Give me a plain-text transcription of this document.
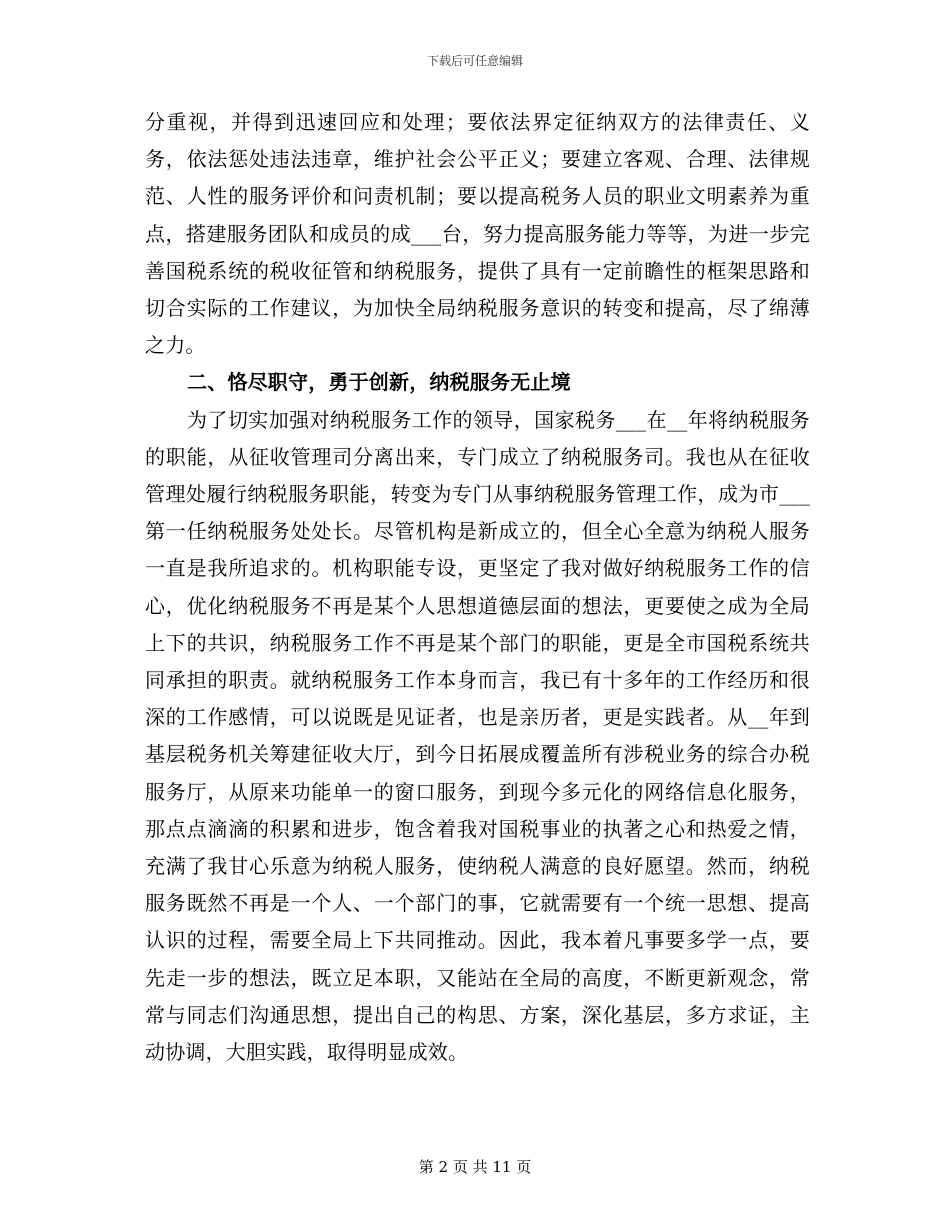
下载后可任意编辑

分重视，并得到迅速回应和处理；要依法界定征纳双方的法律责任、义务，依法惩处违法违章，维护社会公平正义；要建立客观、合理、法律规范、人性的服务评价和问责机制；要以提高税务人员的职业文明素养为重点，搭建服务团队和成员的成___台，努力提高服务能力等等，为进一步完善国税系统的税收征管和纳税服务，提供了具有一定前瞻性的框架思路和切合实际的工作建议，为加快全局纳税服务意识的转变和提高，尽了绵薄之力。

二、恪尽职守，勇于创新，纳税服务无止境

为了切实加强对纳税服务工作的领导，国家税务___在__年将纳税服务的职能，从征收管理司分离出来，专门成立了纳税服务司。我也从在征收管理处履行纳税服务职能，转变为专门从事纳税服务管理工作，成为市___第一任纳税服务处处长。尽管机构是新成立的，但全心全意为纳税人服务一直是我所追求的。机构职能专设，更坚定了我对做好纳税服务工作的信心，优化纳税服务不再是某个人思想道德层面的想法，更要使之成为全局上下的共识，纳税服务工作不再是某个部门的职能，更是全市国税系统共同承担的职责。就纳税服务工作本身而言，我已有十多年的工作经历和很深的工作感情，可以说既是见证者，也是亲历者，更是实践者。从__年到基层税务机关筹建征收大厅，到今日拓展成覆盖所有涉税业务的综合办税服务厅，从原来功能单一的窗口服务，到现今多元化的网络信息化服务，那点点滴滴的积累和进步，饱含着我对国税事业的执著之心和热爱之情，充满了我甘心乐意为纳税人服务，使纳税人满意的良好愿望。然而，纳税服务既然不再是一个人、一个部门的事，它就需要有一个统一思想、提高认识的过程，需要全局上下共同推动。因此，我本着凡事要多学一点，要先走一步的想法，既立足本职，又能站在全局的高度，不断更新观念，常常与同志们沟通思想，提出自己的构思、方案，深化基层，多方求证，主动协调，大胆实践，取得明显成效。

第 2 页 共 11 页
